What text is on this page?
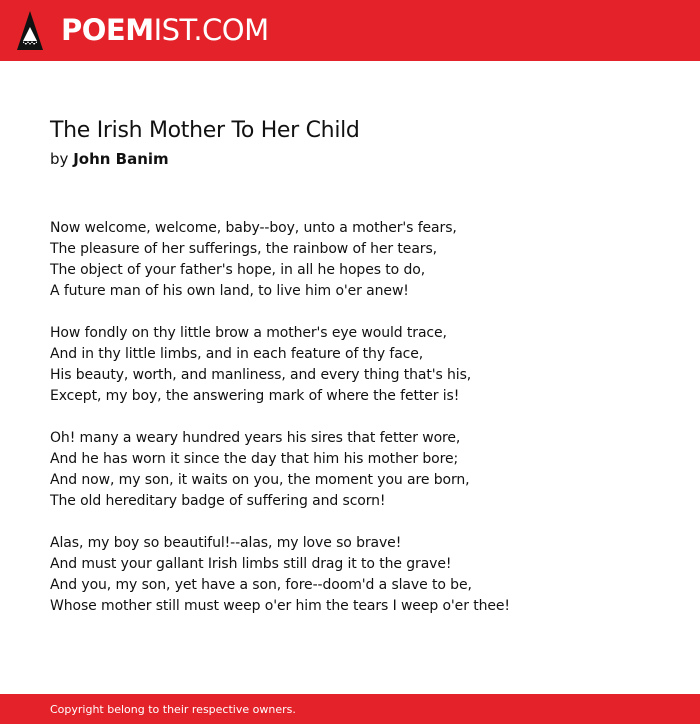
POEMIST.COM
The Irish Mother To Her Child
by John Banim
Now welcome, welcome, baby--boy, unto a mother's fears,
The pleasure of her sufferings, the rainbow of her tears,
The object of your father's hope, in all he hopes to do,
A future man of his own land, to live him o'er anew!
How fondly on thy little brow a mother's eye would trace,
And in thy little limbs, and in each feature of thy face,
His beauty, worth, and manliness, and every thing that's his,
Except, my boy, the answering mark of where the fetter is!
Oh! many a weary hundred years his sires that fetter wore,
And he has worn it since the day that him his mother bore;
And now, my son, it waits on you, the moment you are born,
The old hereditary badge of suffering and scorn!
Alas, my boy so beautiful!--alas, my love so brave!
And must your gallant Irish limbs still drag it to the grave!
And you, my son, yet have a son, fore--doom'd a slave to be,
Whose mother still must weep o'er him the tears I weep o'er thee!
Copyright belong to their respective owners.
